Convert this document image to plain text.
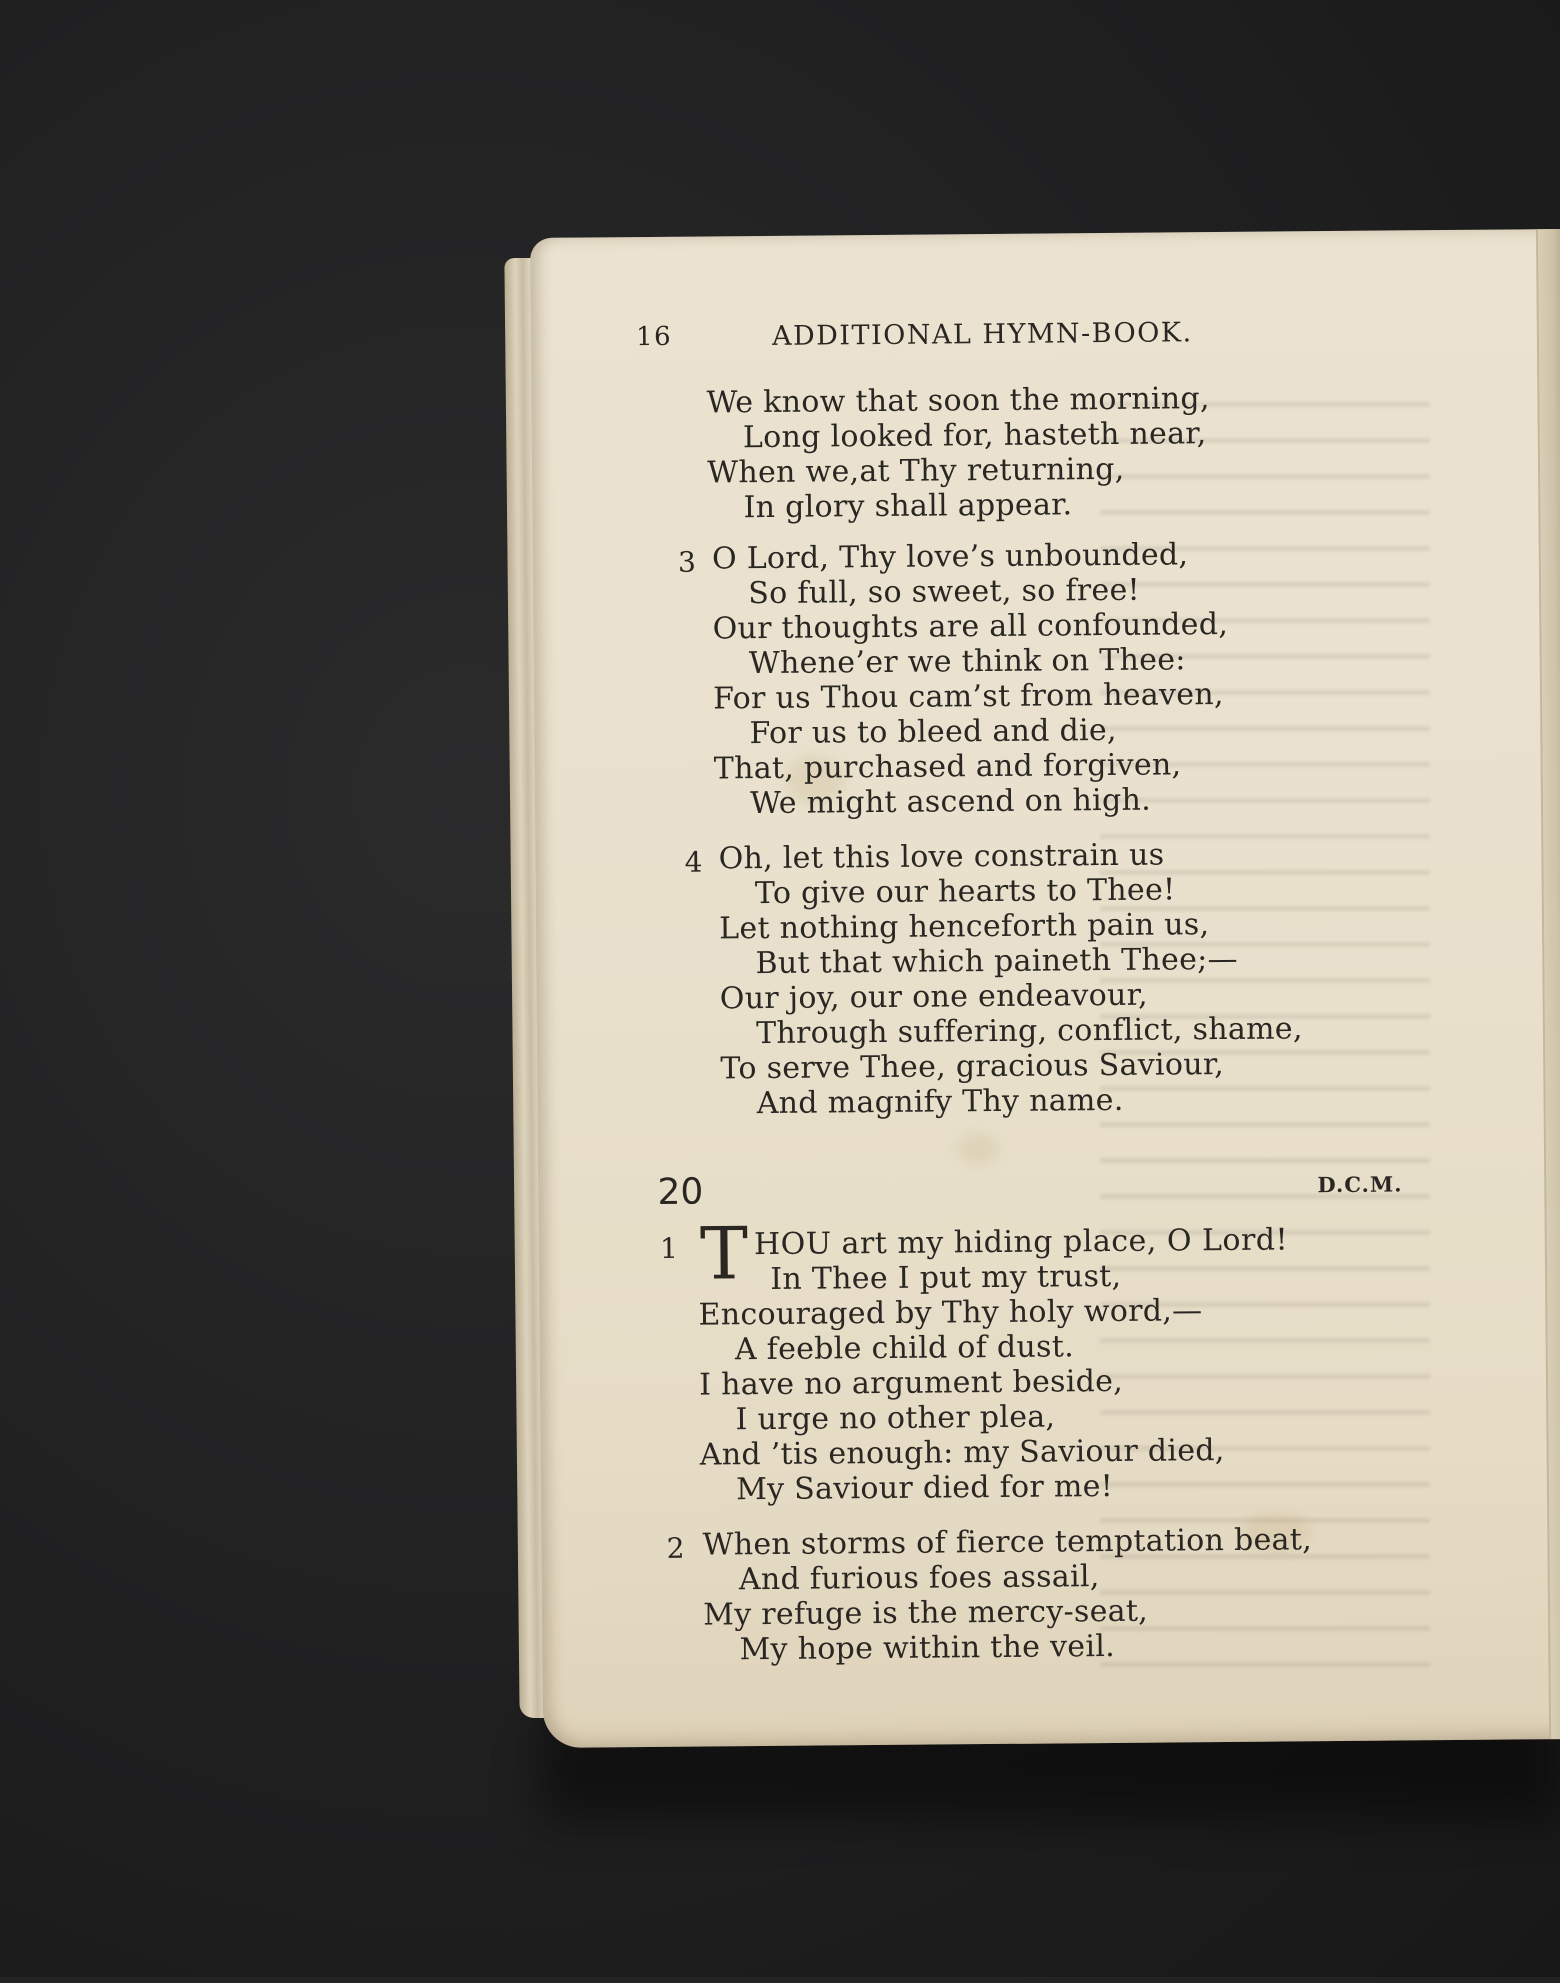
16	ADDITIONAL HYMN-BOOK.
We know that soon the morning,
Long looked for, hasteth near,
When we,at Thy returning,
In glory shall appear.
3 O Lord, Thy love’s unbounded,
So full, so sweet, so free!
Our thoughts are all confounded,
Whene’er we think on Thee:
For us Thou cam’st from heaven,
For us to bleed and die,
That, purchased and forgiven,
We might ascend on high.
4 Oh, let this love constrain us
To give our hearts to Thee!
Let nothing henceforth pain us,
But that which paineth Thee;—
Our joy, our one endeavour,
Through suffering, conflict, shame,
To serve Thee, gracious Saviour,
And magnify Thy name.
20	D.C.M.
1 T HOU art my hiding place, O Lord!
In Thee I put my trust,
Encouraged by Thy holy word,—
A feeble child of dust.
I have no argument beside,
I urge no other plea,
And ’tis enough: my Saviour died,
My Saviour died for me!
2 When storms of fierce temptation beat,
And furious foes assail,
My refuge is the mercy-seat,
My hope within the veil.
